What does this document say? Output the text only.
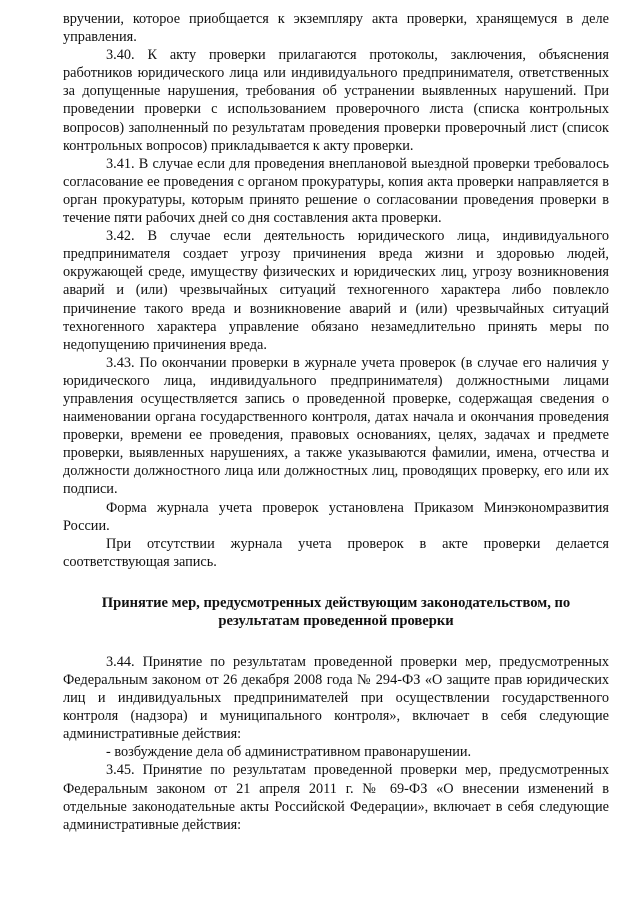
вручении, которое приобщается к экземпляру акта проверки, хранящемуся в деле управления.

3.40. К акту проверки прилагаются протоколы, заключения, объяснения работников юридического лица или индивидуального предпринимателя, ответственных за допущенные нарушения, требования об устранении выявленных нарушений. При проведении проверки с использованием проверочного листа (списка контрольных вопросов) заполненный по результатам проведения проверки проверочный лист (список контрольных вопросов) прикладывается к акту проверки.

3.41. В случае если для проведения внеплановой выездной проверки требовалось согласование ее проведения с органом прокуратуры, копия акта проверки направляется в орган прокуратуры, которым принято решение о согласовании проведения проверки в течение пяти рабочих дней со дня составления акта проверки.

3.42. В случае если деятельность юридического лица, индивидуального предпринимателя создает угрозу причинения вреда жизни и здоровью людей, окружающей среде, имуществу физических и юридических лиц, угрозу возникновения аварий и (или) чрезвычайных ситуаций техногенного характера либо повлекло причинение такого вреда и возникновение аварий и (или) чрезвычайных ситуаций техногенного характера управление обязано незамедлительно принять меры по недопущению причинения вреда.

3.43. По окончании проверки в журнале учета проверок (в случае его наличия у юридического лица, индивидуального предпринимателя) должностными лицами управления осуществляется запись о проведенной проверке, содержащая сведения о наименовании органа государственного контроля, датах начала и окончания проведения проверки, времени ее проведения, правовых основаниях, целях, задачах и предмете проверки, выявленных нарушениях, а также указываются фамилии, имена, отчества и должности должностного лица или должностных лиц, проводящих проверку, его или их подписи.

Форма журнала учета проверок установлена Приказом Минэкономразвития России.

При отсутствии журнала учета проверок в акте проверки делается соответствующая запись.

Принятие мер, предусмотренных действующим законодательством, по результатам проведенной проверки

3.44. Принятие по результатам проведенной проверки мер, предусмотренных Федеральным законом от 26 декабря 2008 года № 294-ФЗ «О защите прав юридических лиц и индивидуальных предпринимателей при осуществлении государственного контроля (надзора) и муниципального контроля», включает в себя следующие административные действия:

- возбуждение дела об административном правонарушении.

3.45. Принятие по результатам проведенной проверки мер, предусмотренных Федеральным законом от 21 апреля 2011 г. № 69-ФЗ «О внесении изменений в отдельные законодательные акты Российской Федерации», включает в себя следующие административные действия:
